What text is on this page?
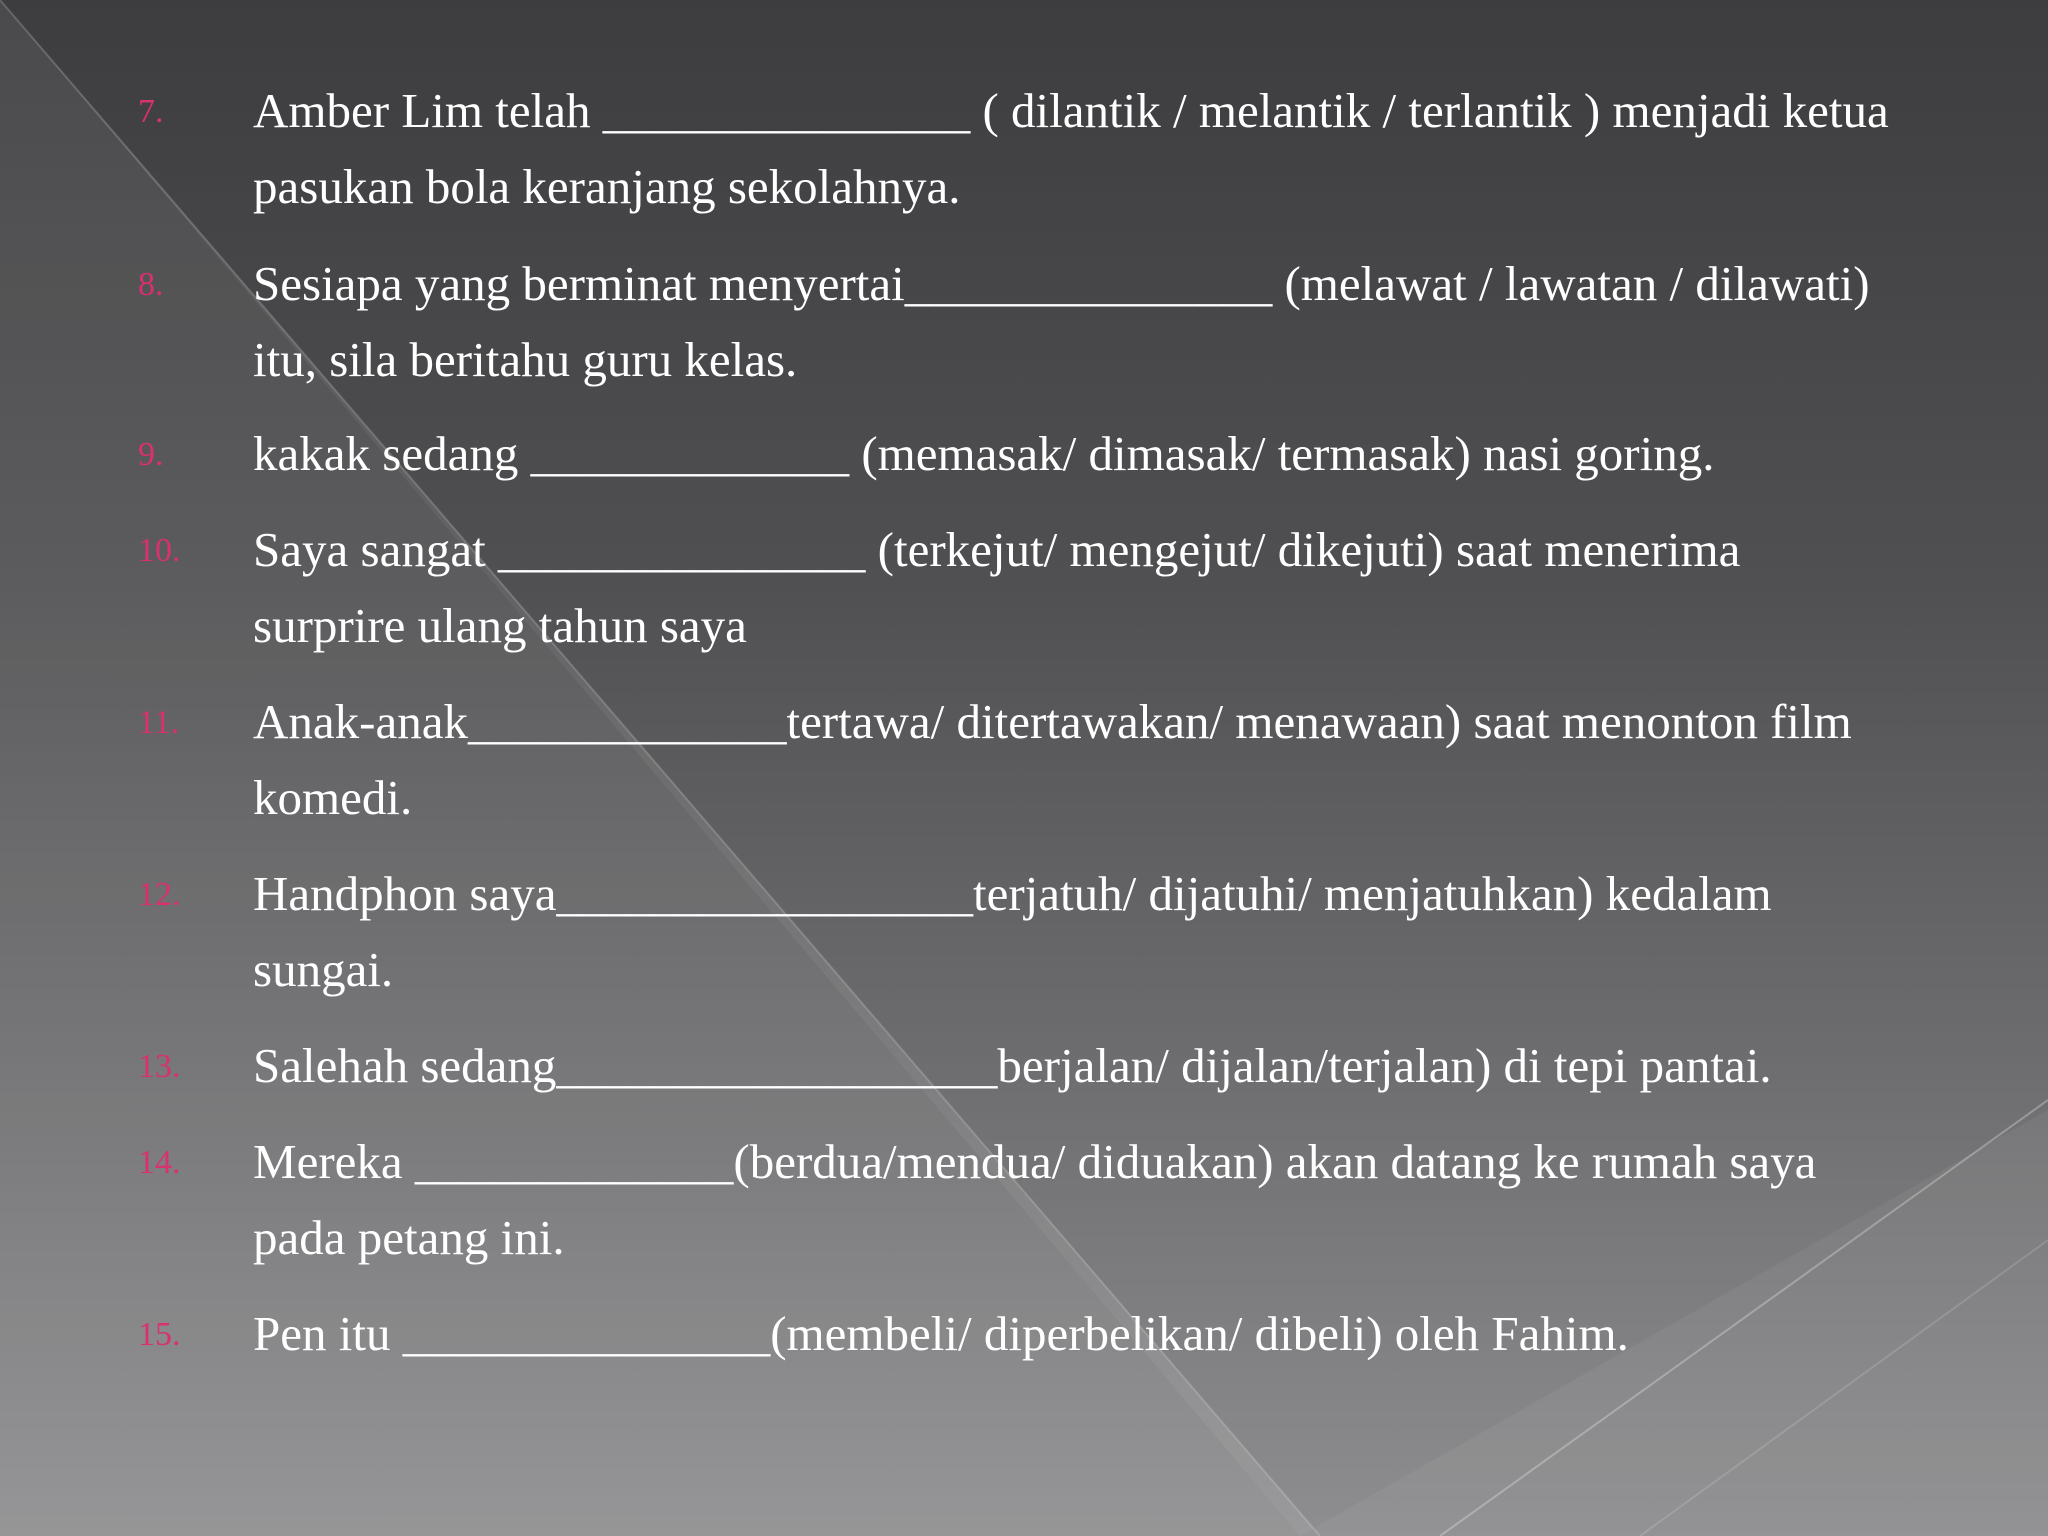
7. Amber Lim telah _______________ ( dilantik / melantik / terlantik ) menjadi ketua pasukan bola keranjang sekolahnya.
8. Sesiapa yang berminat menyertai_______________ (melawat / lawatan / dilawati) itu, sila beritahu guru kelas.
9. kakak sedang _____________ (memasak/ dimasak/ termasak) nasi goring.
10. Saya sangat _______________ (terkejut/ mengejut/ dikejuti) saat menerima surprire ulang tahun saya
11. Anak-anak_____________tertawa/ ditertawakan/ menawaan) saat menonton film komedi.
12. Handphon saya_________________terjatuh/ dijatuhi/ menjatuhkan) kedalam sungai.
13. Salehah sedang__________________berjalan/ dijalan/terjalan) di tepi pantai.
14. Mereka _____________(berdua/mendua/ diduakan) akan datang ke rumah saya pada petang ini.
15. Pen itu _______________(membeli/ diperbelikan/ dibeli) oleh Fahim.
